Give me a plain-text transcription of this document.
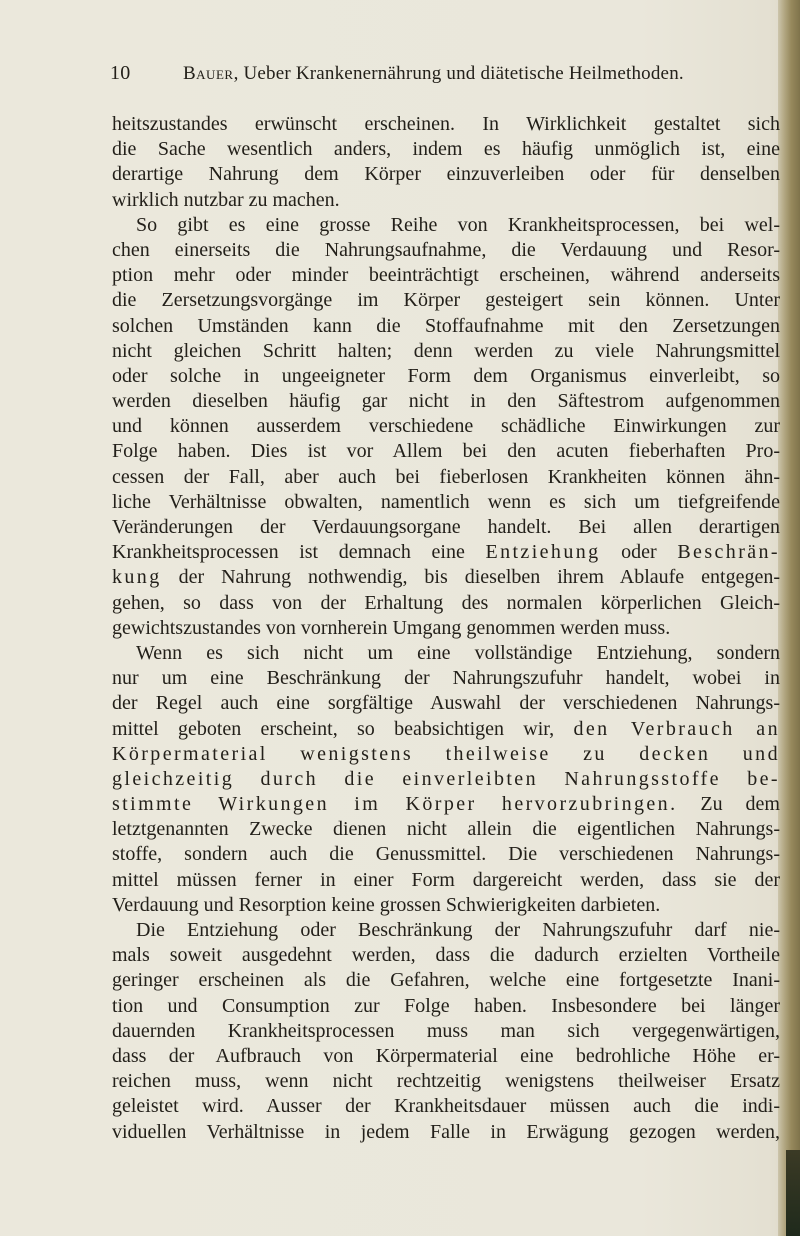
10	Bauer, Ueber Krankenernährung und diätetische Heilmethoden.
heitszustandes erwünscht erscheinen. In Wirklichkeit gestaltet sich
die Sache wesentlich anders, indem es häufig unmöglich ist, eine
derartige Nahrung dem Körper einzuverleiben oder für denselben
wirklich nutzbar zu machen.
So gibt es eine grosse Reihe von Krankheitsprocessen, bei wel-
chen einerseits die Nahrungsaufnahme, die Verdauung und Resor-
ption mehr oder minder beeinträchtigt erscheinen, während anderseits
die Zersetzungsvorgänge im Körper gesteigert sein können. Unter
solchen Umständen kann die Stoffaufnahme mit den Zersetzungen
nicht gleichen Schritt halten; denn werden zu viele Nahrungsmittel
oder solche in ungeeigneter Form dem Organismus einverleibt, so
werden dieselben häufig gar nicht in den Säftestrom aufgenommen
und können ausserdem verschiedene schädliche Einwirkungen zur
Folge haben. Dies ist vor Allem bei den acuten fieberhaften Pro-
cessen der Fall, aber auch bei fieberlosen Krankheiten können ähn-
liche Verhältnisse obwalten, namentlich wenn es sich um tiefgreifende
Veränderungen der Verdauungsorgane handelt. Bei allen derartigen
Krankheitsprocessen ist demnach eine Entziehung oder Beschrän-
kung der Nahrung nothwendig, bis dieselben ihrem Ablaufe entgegen-
gehen, so dass von der Erhaltung des normalen körperlichen Gleich-
gewichtszustandes von vornherein Umgang genommen werden muss.
Wenn es sich nicht um eine vollständige Entziehung, sondern
nur um eine Beschränkung der Nahrungszufuhr handelt, wobei in
der Regel auch eine sorgfältige Auswahl der verschiedenen Nahrungs-
mittel geboten erscheint, so beabsichtigen wir, den Verbrauch an
Körpermaterial wenigstens theilweise zu decken und
gleichzeitig durch die einverleibten Nahrungsstoffe be-
stimmte Wirkungen im Körper hervorzubringen. Zu dem
letztgenannten Zwecke dienen nicht allein die eigentlichen Nahrungs-
stoffe, sondern auch die Genussmittel. Die verschiedenen Nahrungs-
mittel müssen ferner in einer Form dargereicht werden, dass sie der
Verdauung und Resorption keine grossen Schwierigkeiten darbieten.
Die Entziehung oder Beschränkung der Nahrungszufuhr darf nie-
mals soweit ausgedehnt werden, dass die dadurch erzielten Vortheile
geringer erscheinen als die Gefahren, welche eine fortgesetzte Inani-
tion und Consumption zur Folge haben. Insbesondere bei länger
dauernden Krankheitsprocessen muss man sich vergegenwärtigen,
dass der Aufbrauch von Körpermaterial eine bedrohliche Höhe er-
reichen muss, wenn nicht rechtzeitig wenigstens theilweiser Ersatz
geleistet wird. Ausser der Krankheitsdauer müssen auch die indi-
viduellen Verhältnisse in jedem Falle in Erwägung gezogen werden,
